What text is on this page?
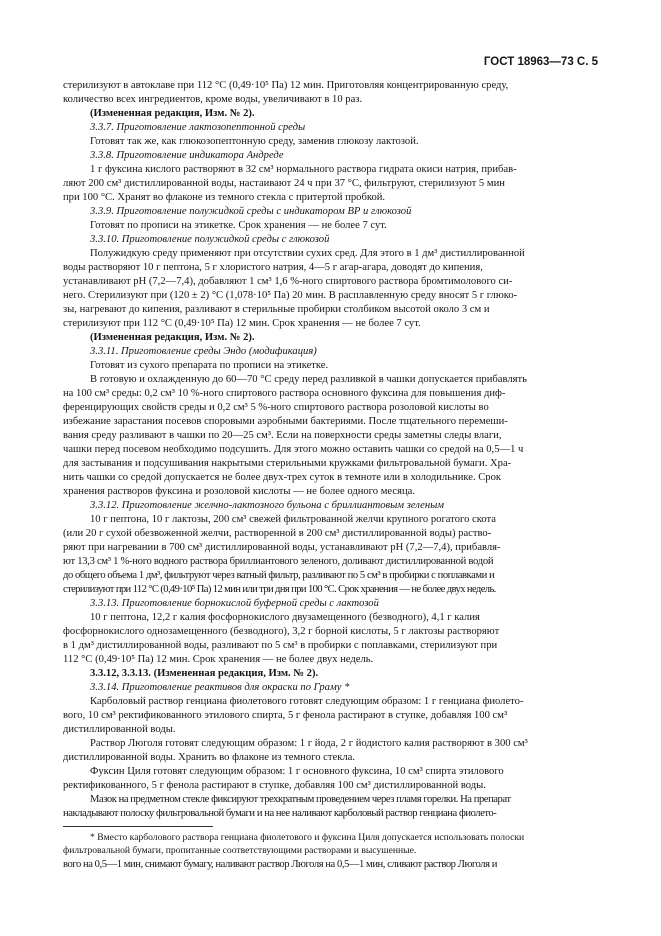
ГОСТ 18963—73 С. 5
стерилизуют в автоклаве при 112 °C (0,49·10⁵ Па) 12 мин. Приготовляя концентрированную среду,
количество всех ингредиентов, кроме воды, увеличивают в 10 раз.
(Измененная редакция, Изм. № 2).
3.3.7. Приготовление лактозопептонной среды
Готовят так же, как глюкозопептонную среду, заменив глюкозу лактозой.
3.3.8. Приготовление индикатора Андреде
1 г фуксина кислого растворяют в 32 см³ нормального раствора гидрата окиси натрия, прибав-
ляют 200 см³ дистиллированной воды, настаивают 24 ч при 37 °C, фильтруют, стерилизуют 5 мин
при 100 °C. Хранят во флаконе из темного стекла с притертой пробкой.
3.3.9. Приготовление полужидкой среды с индикатором ВР и глюкозой
Готовят по прописи на этикетке. Срок хранения — не более 7 сут.
3.3.10. Приготовление полужидкой среды с глюкозой
Полужидкую среду применяют при отсутствии сухих сред. Для этого в 1 дм³ дистиллированной
воды растворяют 10 г пептона, 5 г хлористого натрия, 4—5 г агар-агара, доводят до кипения,
устанавливают pH (7,2—7,4), добавляют 1 см³ 1,6 %-ного спиртового раствора бромтимолового си-
него. Стерилизуют при (120 ± 2) °C (1,078·10⁵ Па) 20 мин. В расплавленную среду вносят 5 г глюко-
зы, нагревают до кипения, разливают в стерильные пробирки столбиком высотой около 3 см и
стерилизуют при 112 °C (0,49·10⁵ Па) 12 мин. Срок хранения — не более 7 сут.
(Измененная редакция, Изм. № 2).
3.3.11. Приготовление среды Эндо (модификация)
Готовят из сухого препарата по прописи на этикетке.
В готовую и охлажденную до 60—70 °C среду перед разливкой в чашки допускается прибавлять
на 100 см³ среды: 0,2 см³ 10 %-ного спиртового раствора основного фуксина для повышения диф-
ференцирующих свойств среды и 0,2 см³ 5 %-ного спиртового раствора розоловой кислоты во
избежание зарастания посевов споровыми аэробными бактериями. После тщательного перемеши-
вания среду разливают в чашки по 20—25 см³. Если на поверхности среды заметны следы влаги,
чашки перед посевом необходимо подсушить. Для этого можно оставить чашки со средой на 0,5—1 ч
для застывания и подсушивания накрытыми стерильными кружками фильтровальной бумаги. Хра-
нить чашки со средой допускается не более двух-трех суток в темноте или в холодильнике. Срок
хранения растворов фуксина и розоловой кислоты — не более одного месяца.
3.3.12. Приготовление желчно-лактозного бульона с бриллиантовым зеленым
10 г пептона, 10 г лактозы, 200 см³ свежей фильтрованной желчи крупного рогатого скота
(или 20 г сухой обезвоженной желчи, растворенной в 200 см³ дистиллированной воды) раство-
ряют при нагревании в 700 см³ дистиллированной воды, устанавливают pH (7,2—7,4), прибавля-
ют 13,3 см³ 1 %-ного водного раствора бриллиантового зеленого, доливают дистиллированной водой
до общего объема 1 дм³, фильтруют через ватный фильтр, разливают по 5 см³ в пробирки с поплавками и
стерилизуют при 112 °C (0,49·10⁵ Па) 12 мин или три дня при 100 °C. Срок хранения — не более двух недель.
3.3.13. Приготовление борнокислой буферной среды с лактозой
10 г пептона, 12,2 г калия фосфорнокислого двузамещенного (безводного), 4,1 г калия
фосфорнокислого однозамещенного (безводного), 3,2 г борной кислоты, 5 г лактозы растворяют
в 1 дм³ дистиллированной воды, разливают по 5 см³ в пробирки с поплавками, стерилизуют при
112 °C (0,49·10⁵ Па) 12 мин. Срок хранения — не более двух недель.
3.3.12, 3.3.13. (Измененная редакция, Изм. № 2).
3.3.14. Приготовление реактивов для окраски по Граму *
Карболовый раствор генциана фиолетового готовят следующим образом: 1 г генциана фиолето-
вого, 10 см³ ректификованного этилового спирта, 5 г фенола растирают в ступке, добавляя 100 см³
дистиллированной воды.
Раствор Люголя готовят следующим образом: 1 г йода, 2 г йодистого калия растворяют в 300 см³
дистиллированной воды. Хранить во флаконе из темного стекла.
Фуксин Циля готовят следующим образом: 1 г основного фуксина, 10 см³ спирта этилового
ректификованного, 5 г фенола растирают в ступке, добавляя 100 см³ дистиллированной воды.
Мазок на предметном стекле фиксируют трехкратным проведением через пламя горелки. На препарат
накладывают полоску фильтровальной бумаги и на нее наливают карболовый раствор генциана фиолето-
* Вместо карболового раствора генциана фиолетового и фуксина Циля допускается использовать полоски
фильтровальной бумаги, пропитанные соответствующими растворами и высушенные.
вого на 0,5—1 мин, снимают бумагу, наливают раствор Люголя на 0,5—1 мин, сливают раствор Люголя и
